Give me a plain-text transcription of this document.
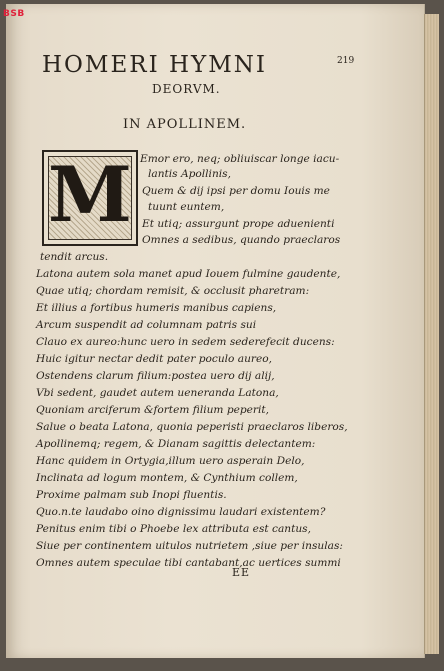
BSB
HOMERI HYMNI	219
DEORVM.
IN APOLLINEM.
M Emor ero, neq; obliuiscar longe iacu-
lantis Apollinis,
Quem & dij ipsi per domu Iouis me
tuunt euntem,
Et utiq; assurgunt prope aduenienti
Omnes a sedibus, quando praeclaros
tendit arcus.
Latona autem sola manet apud Iouem fulmine gaudente,
Quae utiq; chordam remisit, & occlusit pharetram:
Et illius a fortibus humeris manibus capiens,
Arcum suspendit ad columnam patris sui
Clauo ex aureo:hunc uero in sedem sederefecit ducens:
Huic igitur nectar dedit pater poculo aureo,
Ostendens clarum filium:postea uero dij alij,
Vbi sedent, gaudet autem ueneranda Latona,
Quoniam arciferum &fortem filium peperit,
Salue o beata Latona, quonia peperisti praeclaros liberos,
Apollinemq; regem, & Dianam sagittis delectantem:
Hanc quidem in Ortygia,illum uero asperain Delo,
Inclinata ad logum montem, & Cynthium collem,
Proxime palmam sub Inopi fluentis.
Quo.n.te laudabo oino dignissimu laudari existentem?
Penitus enim tibi o Phoebe lex attributa est cantus,
Siue per continentem uitulos nutrietem ,siue per insulas:
Omnes autem speculae tibi cantabant,ac uertices summi
EE
